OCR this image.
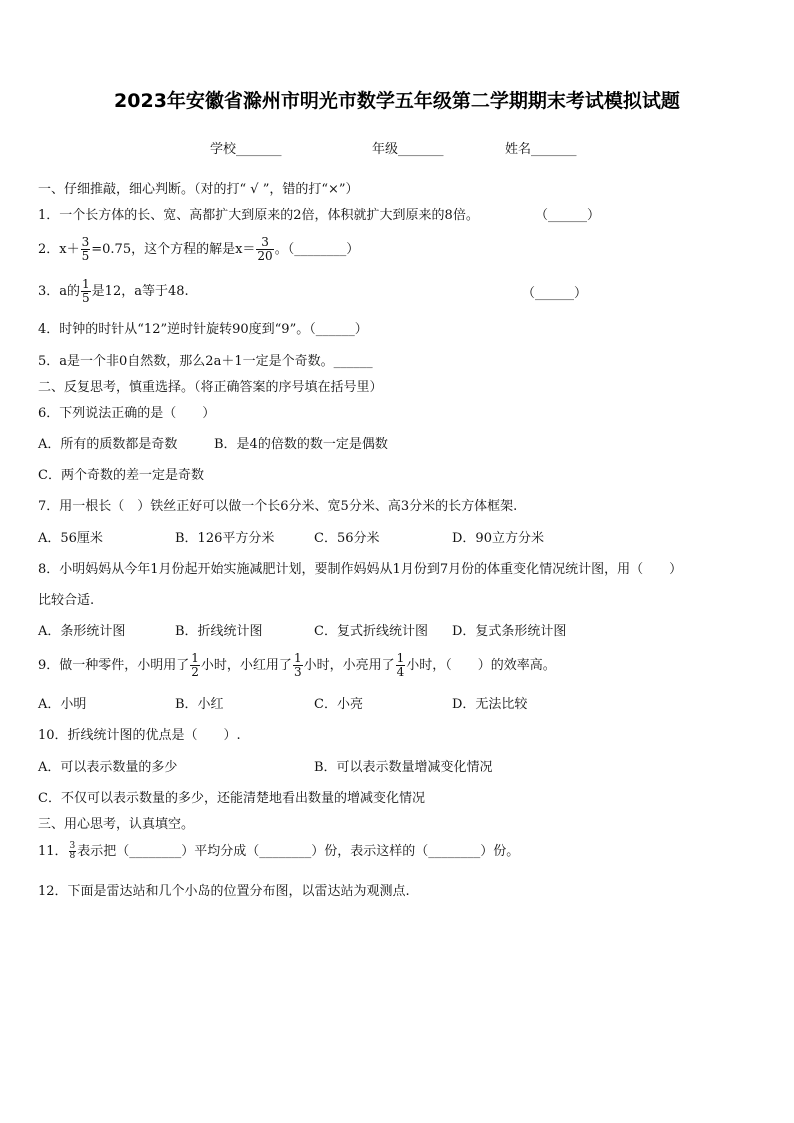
2023年安徽省滁州市明光市数学五年级第二学期期末考试模拟试题
学校_______	年级_______	姓名_______
一、仔细推敲，细心判断。（对的打“ √ ”，错的打“×”）
1．一个长方体的长、宽、高都扩大到原来的2倍，体积就扩大到原来的8倍。	（______）
2．$x+ \frac{3}{5} =0.75$，这个方程的解是$x= \frac{3}{20}$ 。（________）
3．a的 $\frac{1}{5}$ 是12，a等于48.	（______）
4．时钟的时针从“12”逆时针旋转90度到“9”。（______）
5．a是一个非0自然数，那么2a＋1一定是个奇数。______
二、反复思考，慎重选择。（将正确答案的序号填在括号里）
6．下列说法正确的是（　　）
A．所有的质数都是奇数	B．是4的倍数的数一定是偶数
C．两个奇数的差一定是奇数
7．用一根长（　）铁丝正好可以做一个长6分米、宽5分米、高3分米的长方体框架.
A．56厘米	B．126平方分米	C．56分米	D．90立方分米
8．小明妈妈从今年1月份起开始实施减肥计划，要制作妈妈从1月份到7月份的体重变化情况统计图，用（　　）
比较合适.
A．条形统计图	B．折线统计图	C．复式折线统计图 D．复式条形统计图
9．做一种零件，小明用了 $\frac{1}{2}$ 小时，小红用了 $\frac{1}{3}$ 小时，小亮用了 $\frac{1}{4}$ 小时，（　　）的效率高。
A．小明	B．小红	C．小亮	D．无法比较
10．折线统计图的优点是（　　）.
A．可以表示数量的多少	B．可以表示数量增减变化情况
C．不仅可以表示数量的多少，还能清楚地看出数量的增减变化情况
三、用心思考，认真填空。
11． $\frac{3}{8}$ 表示把（________）平均分成（________）份，表示这样的（________）份。
12．下面是雷达站和几个小岛的位置分布图，以雷达站为观测点.
